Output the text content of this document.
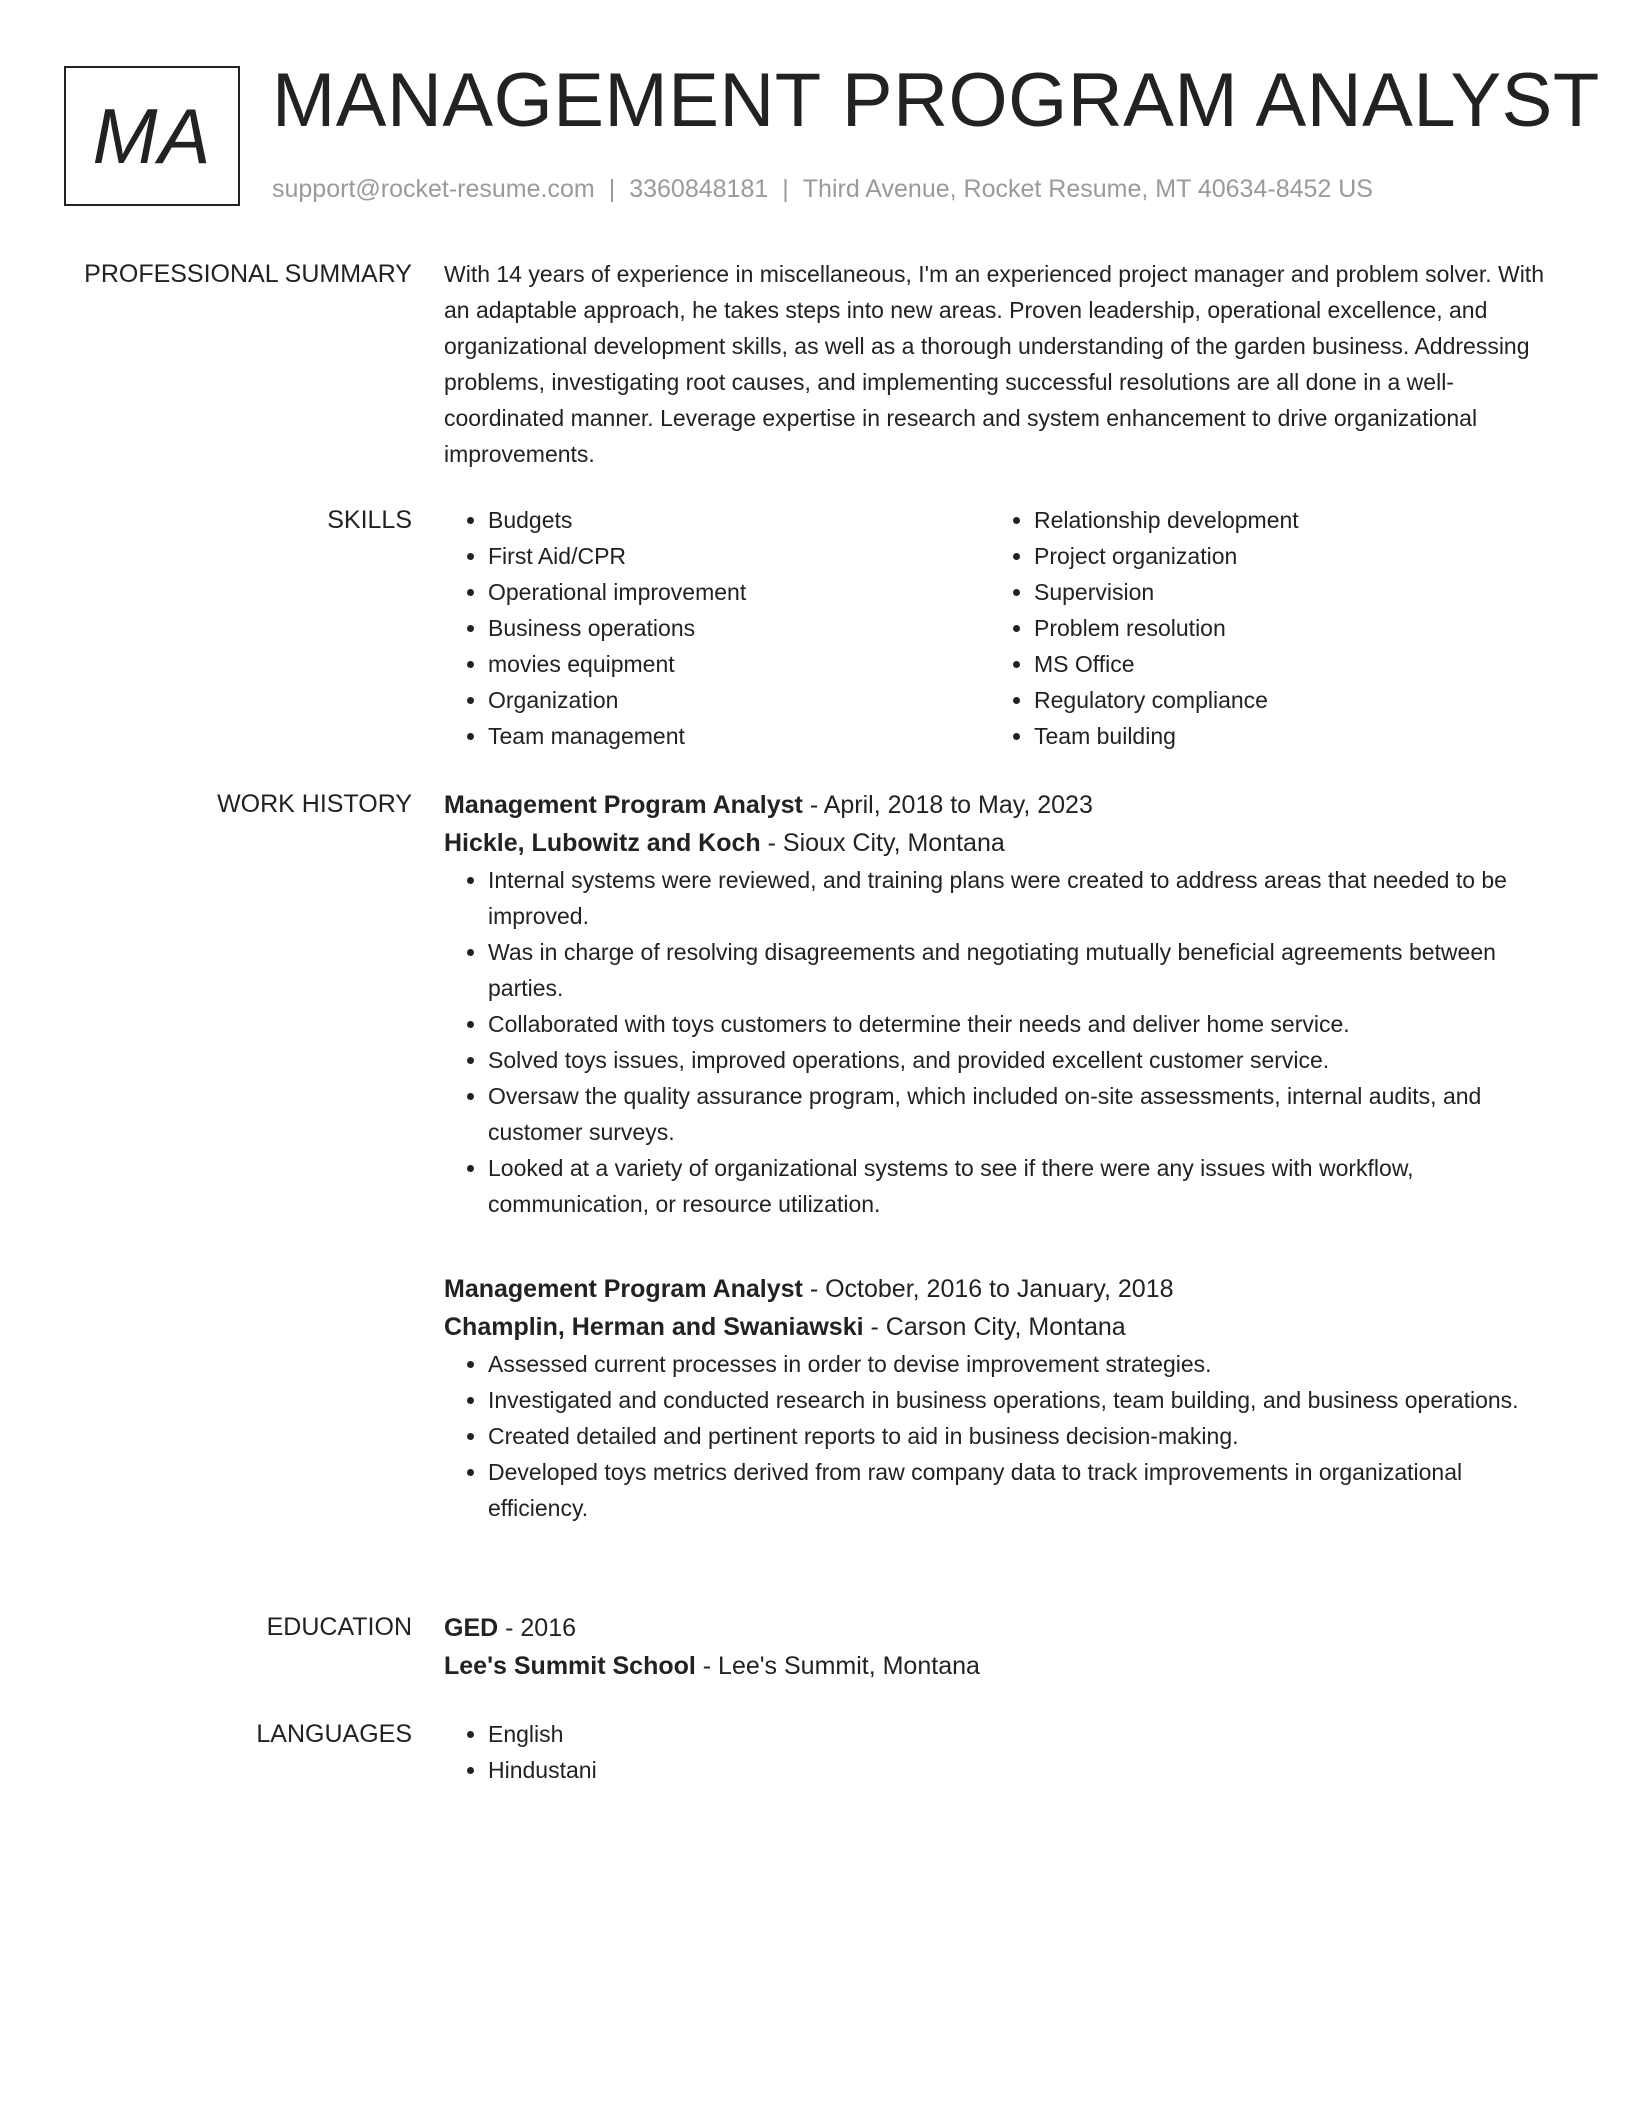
MA MANAGEMENT PROGRAM ANALYST
support@rocket-resume.com | 3360848181 | Third Avenue, Rocket Resume, MT 40634-8452 US
PROFESSIONAL SUMMARY With 14 years of experience in miscellaneous, I'm an experienced project manager and problem solver. With an adaptable approach, he takes steps into new areas. Proven leadership, operational excellence, and organizational development skills, as well as a thorough understanding of the garden business. Addressing problems, investigating root causes, and implementing successful resolutions are all done in a well-coordinated manner. Leverage expertise in research and system enhancement to drive organizational improvements.

SKILLS	• Budgets
• First Aid/CPR
• Operational improvement
• Business operations
• movies equipment
• Organization
• Team management
• Relationship development
• Project organization
• Supervision
• Problem resolution
• MS Office
• Regulatory compliance
• Team building
WORK HISTORY Management Program Analyst - April, 2018 to May, 2023
Hickle, Lubowitz and Koch - Sioux City, Montana
• Internal systems were reviewed, and training plans were created to address areas that needed to be improved.
• Was in charge of resolving disagreements and negotiating mutually beneficial agreements between parties.
• Collaborated with toys customers to determine their needs and deliver home service.
• Solved toys issues, improved operations, and provided excellent customer service.
• Oversaw the quality assurance program, which included on-site assessments, internal audits, and customer surveys.
• Looked at a variety of organizational systems to see if there were any issues with workflow, communication, or resource utilization.
Management Program Analyst - October, 2016 to January, 2018
Champlin, Herman and Swaniawski - Carson City, Montana
• Assessed current processes in order to devise improvement strategies.
• Investigated and conducted research in business operations, team building, and business operations.
• Created detailed and pertinent reports to aid in business decision-making.
• Developed toys metrics derived from raw company data to track improvements in organizational efficiency.
EDUCATION GED - 2016
Lee's Summit School - Lee's Summit, Montana
LANGUAGES	• English
• Hindustani
